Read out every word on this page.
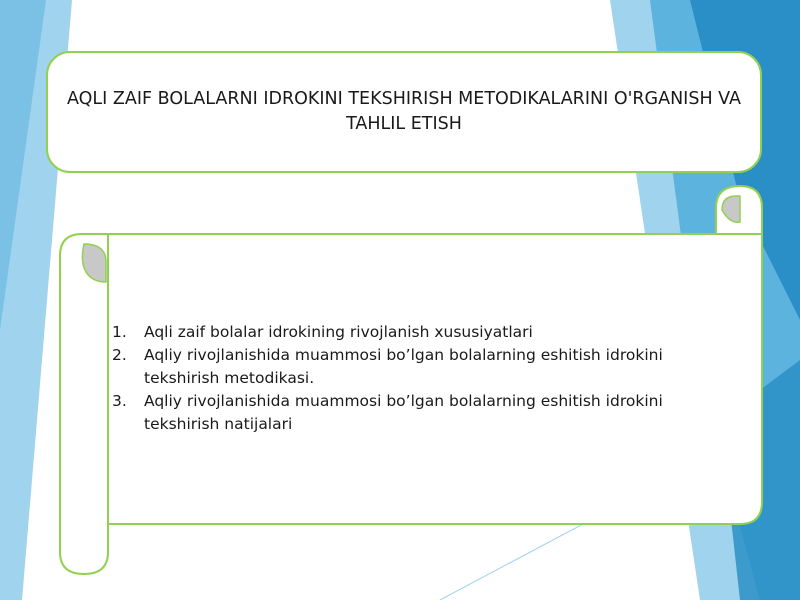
AQLI ZAIF BOLALARNI IDROKINI TEKSHIRISH METODIKALARINI O'RGANISH VA TAHLIL ETISH
1. Aqli zaif bolalar idrokining rivojlanish xususiyatlari
2. Aqliy rivojlanishida muammosi bo’lgan bolalarning eshitish idrokini tekshirish metodikasi.
3. Aqliy rivojlanishida muammosi bo’lgan bolalarning eshitish idrokini tekshirish natijalari
